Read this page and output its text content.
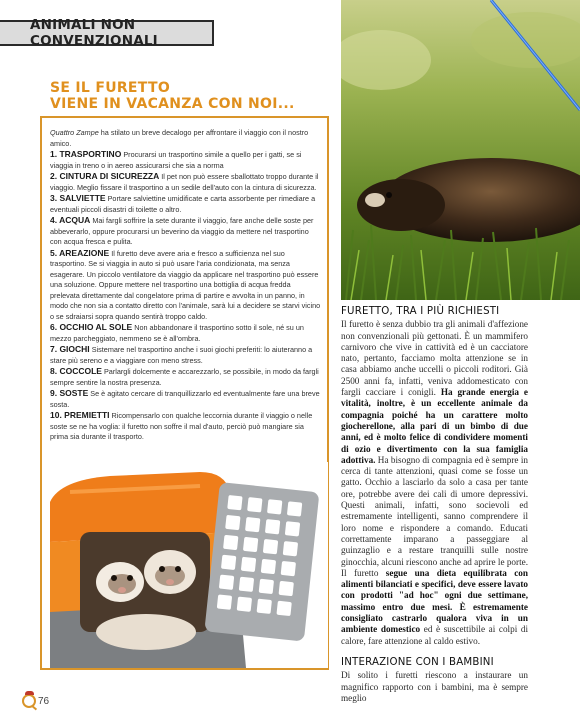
ANIMALI NON CONVENZIONALI
SE IL FURETTO
VIENE IN VACANZA CON NOI...

Quattro Zampe ha stilato un breve decalogo per affrontare il viaggio con il nostro amico.

1. TRASPORTINO Procurarsi un trasportino simile a quello per i gatti, se si viaggia in treno o in aereo assicurarsi che sia a norma

2. CINTURA DI SICUREZZA Il pet non può essere sballottato troppo durante il viaggio. Meglio fissare il trasportino a un sedile dell'auto con la cintura di sicurezza.

3. SALVIETTE Portare salviettine umidificate e carta assorbente per rimediare a eventuali piccoli disastri di toilette o altro.

4. ACQUA Mai fargli soffrire la sete durante il viaggio, fare anche delle soste per abbeverarlo, oppure procurarsi un beverino da viaggio da mettere nel trasportino con acqua fresca e pulita.

5. AREAZIONE Il furetto deve avere aria e fresco a sufficienza nel suo trasportino. Se si viaggia in auto si può usare l'aria condizionata, ma senza esagerare. Un piccolo ventilatore da viaggio da applicare nel trasportino può essere una soluzione. Oppure mettere nel trasportino una bottiglia di acqua fredda prelevata direttamente dal congelatore prima di partire e avvolta in un panno, in modo che non sia a contatto diretto con l'animale, sarà lui a decidere se starvi vicino o se sdraiarsi sopra quando sentirà troppo caldo.

6. OCCHIO AL SOLE Non abbandonare il trasportino sotto il sole, né su un mezzo parcheggiato, nemmeno se è all'ombra.

7. GIOCHI Sistemare nel trasportino anche i suoi giochi preferiti: lo aiuteranno a stare più sereno e a viaggiare con meno stress.

8. COCCOLE Parlargli dolcemente e accarezzarlo, se possibile, in modo da fargli sempre sentire la nostra presenza.

9. SOSTE Se è agitato cercare di tranquillizzarlo ed eventualmente fare una breve sosta.

10. PREMIETTI Ricompensarlo con qualche leccornia durante il viaggio o nelle soste se ne ha voglia: il furetto non soffre il mal d'auto, perciò può mangiare sia prima sia durante il trasporto.

FURETTO, TRA I PIÙ RICHIESTI

Il furetto è senza dubbio tra gli animali d'affezione non convenzionali più gettonati. È un mammifero carnivoro che vive in cattività ed è un cacciatore nato, pertanto, facciamo molta attenzione se in casa abbiamo anche uccelli o piccoli roditori. Già 2500 anni fa, infatti, veniva addomesticato con fargli cacciare i conigli. Ha grande energia e vitalità, inoltre, è un eccellente animale da compagnia poiché ha un carattere molto giocherellone, alla pari di un bimbo di due anni, ed è molto felice di condividere momenti di ozio e divertimento con la sua famiglia adottiva. Ha bisogno di compagnia ed è sempre in cerca di tante attenzioni, quasi come se fosse un gatto. Occhio a lasciarlo da solo a casa per tante ore, potrebbe avere dei cali di umore depressivi. Questi animali, infatti, sono socievoli ed estremamente intelligenti, sanno comprendere il loro nome e rispondere a comando. Educati correttamente imparano a passeggiare al guinzaglio e a restare tranquilli sulle nostre ginocchia, alcuni riescono anche ad aprire le porte. Il furetto segue una dieta equilibrata con alimenti bilanciati e specifici, deve essere lavato con prodotti "ad hoc" ogni due settimane, massimo entro due mesi. È estremamente consigliato castrarlo qualora viva in un ambiente domestico ed è suscettibile ai colpi di calore, fare attenzione al caldo estivo.

INTERAZIONE CON I BAMBINI

Di solito i furetti riescono a instaurare un magnifico rapporto con i bambini, ma è sempre meglio

76
